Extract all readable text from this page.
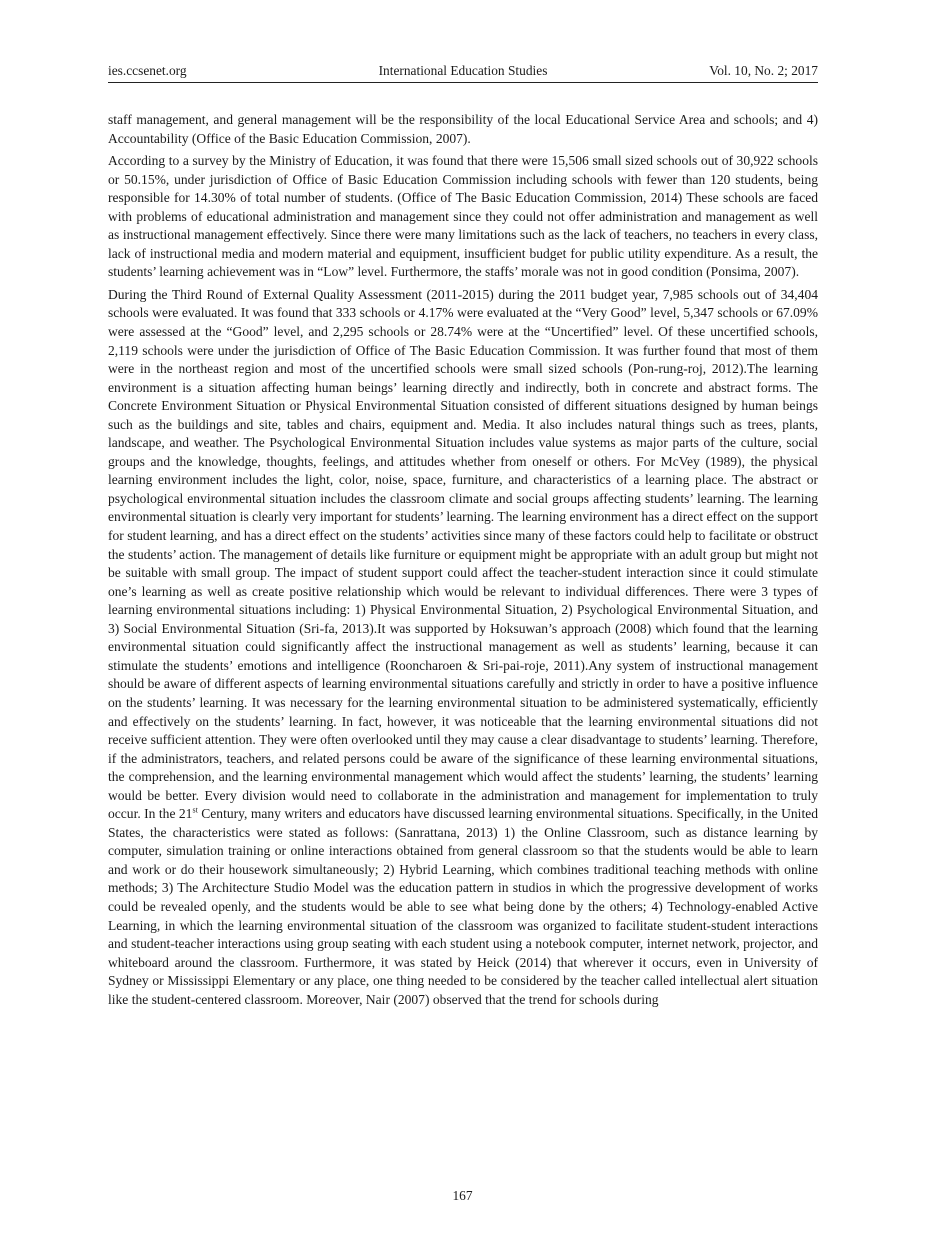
ies.ccsenet.org	International Education Studies	Vol. 10, No. 2; 2017

staff management, and general management will be the responsibility of the local Educational Service Area and schools; and 4) Accountability (Office of the Basic Education Commission, 2007).

According to a survey by the Ministry of Education, it was found that there were 15,506 small sized schools out of 30,922 schools or 50.15%, under jurisdiction of Office of Basic Education Commission including schools with fewer than 120 students, being responsible for 14.30% of total number of students. (Office of The Basic Education Commission, 2014) These schools are faced with problems of educational administration and management since they could not offer administration and management as well as instructional management effectively. Since there were many limitations such as the lack of teachers, no teachers in every class, lack of instructional media and modern material and equipment, insufficient budget for public utility expenditure. As a result, the students’ learning achievement was in “Low” level. Furthermore, the staffs’ morale was not in good condition (Ponsima, 2007).

During the Third Round of External Quality Assessment (2011-2015) during the 2011 budget year, 7,985 schools out of 34,404 schools were evaluated. It was found that 333 schools or 4.17% were evaluated at the “Very Good” level, 5,347 schools or 67.09% were assessed at the “Good” level, and 2,295 schools or 28.74% were at the “Uncertified” level. Of these uncertified schools, 2,119 schools were under the jurisdiction of Office of The Basic Education Commission. It was further found that most of them were in the northeast region and most of the uncertified schools were small sized schools (Pon-rung-roj, 2012).The learning environment is a situation affecting human beings’ learning directly and indirectly, both in concrete and abstract forms. The Concrete Environment Situation or Physical Environmental Situation consisted of different situations designed by human beings such as the buildings and site, tables and chairs, equipment and. Media. It also includes natural things such as trees, plants, landscape, and weather. The Psychological Environmental Situation includes value systems as major parts of the culture, social groups and the knowledge, thoughts, feelings, and attitudes whether from oneself or others. For McVey (1989), the physical learning environment includes the light, color, noise, space, furniture, and characteristics of a learning place. The abstract or psychological environmental situation includes the classroom climate and social groups affecting students’ learning. The learning environmental situation is clearly very important for students’ learning. The learning environment has a direct effect on the support for student learning, and has a direct effect on the students’ activities since many of these factors could help to facilitate or obstruct the students’ action. The management of details like furniture or equipment might be appropriate with an adult group but might not be suitable with small group. The impact of student support could affect the teacher-student interaction since it could stimulate one’s learning as well as create positive relationship which would be relevant to individual differences. There were 3 types of learning environmental situations including: 1) Physical Environmental Situation, 2) Psychological Environmental Situation, and 3) Social Environmental Situation (Sri-fa, 2013).It was supported by Hoksuwan’s approach (2008) which found that the learning environmental situation could significantly affect the instructional management as well as students’ learning, because it can stimulate the students’ emotions and intelligence (Rooncharoen & Sri-pai-roje, 2011).Any system of instructional management should be aware of different aspects of learning environmental situations carefully and strictly in order to have a positive influence on the students’ learning. It was necessary for the learning environmental situation to be administered systematically, efficiently and effectively on the students’ learning. In fact, however, it was noticeable that the learning environmental situations did not receive sufficient attention. They were often overlooked until they may cause a clear disadvantage to students’ learning. Therefore, if the administrators, teachers, and related persons could be aware of the significance of these learning environmental situations, the comprehension, and the learning environmental management which would affect the students’ learning, the students’ learning would be better. Every division would need to collaborate in the administration and management for implementation to truly occur. In the 21st Century, many writers and educators have discussed learning environmental situations. Specifically, in the United States, the characteristics were stated as follows: (Sanrattana, 2013) 1) the Online Classroom, such as distance learning by computer, simulation training or online interactions obtained from general classroom so that the students would be able to learn and work or do their housework simultaneously; 2) Hybrid Learning, which combines traditional teaching methods with online methods; 3) The Architecture Studio Model was the education pattern in studios in which the progressive development of works could be revealed openly, and the students would be able to see what being done by the others; 4) Technology-enabled Active Learning, in which the learning environmental situation of the classroom was organized to facilitate student-student interactions and student-teacher interactions using group seating with each student using a notebook computer, internet network, projector, and whiteboard around the classroom. Furthermore, it was stated by Heick (2014) that wherever it occurs, even in University of Sydney or Mississippi Elementary or any place, one thing needed to be considered by the teacher called intellectual alert situation like the student-centered classroom. Moreover, Nair (2007) observed that the trend for schools during

167
